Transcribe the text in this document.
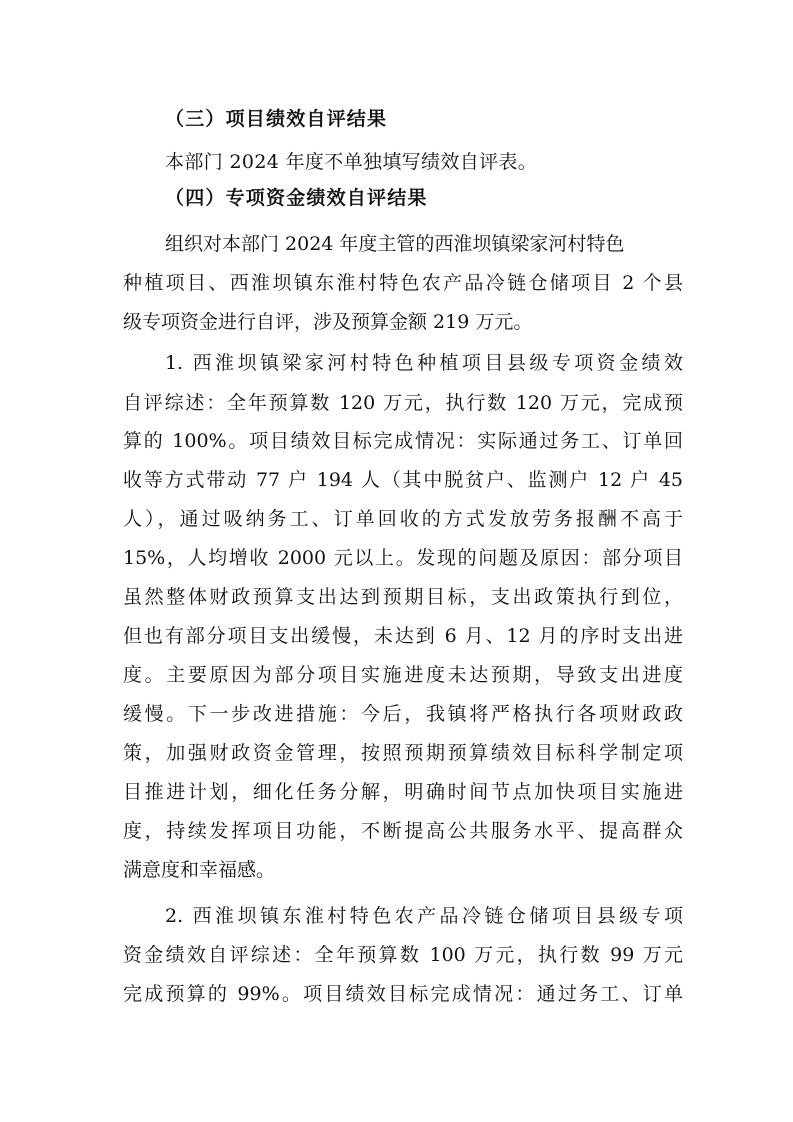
（三）项目绩效自评结果
本部门 2024 年度不单独填写绩效自评表。
（四）专项资金绩效自评结果
组织对本部门 2024 年度主管的西淮坝镇梁家河村特色
种植项目、西淮坝镇东淮村特色农产品冷链仓储项目 2 个县
级专项资金进行自评，涉及预算金额 219 万元。
1. 西淮坝镇梁家河村特色种植项目县级专项资金绩效
自评综述：全年预算数 120 万元，执行数 120 万元，完成预
算的 100%。项目绩效目标完成情况：实际通过务工、订单回
收等方式带动 77 户 194 人（其中脱贫户、监测户 12 户 45
人），通过吸纳务工、订单回收的方式发放劳务报酬不高于
15%，人均增收 2000 元以上。发现的问题及原因：部分项目
虽然整体财政预算支出达到预期目标，支出政策执行到位，
但也有部分项目支出缓慢，未达到 6 月、12 月的序时支出进
度。主要原因为部分项目实施进度未达预期，导致支出进度
缓慢。下一步改进措施：今后，我镇将严格执行各项财政政
策，加强财政资金管理，按照预期预算绩效目标科学制定项
目推进计划，细化任务分解，明确时间节点加快项目实施进
度，持续发挥项目功能，不断提高公共服务水平、提高群众
满意度和幸福感。
2. 西淮坝镇东淮村特色农产品冷链仓储项目县级专项
资金绩效自评综述：全年预算数 100 万元，执行数 99 万元
完成预算的 99%。项目绩效目标完成情况：通过务工、订单
